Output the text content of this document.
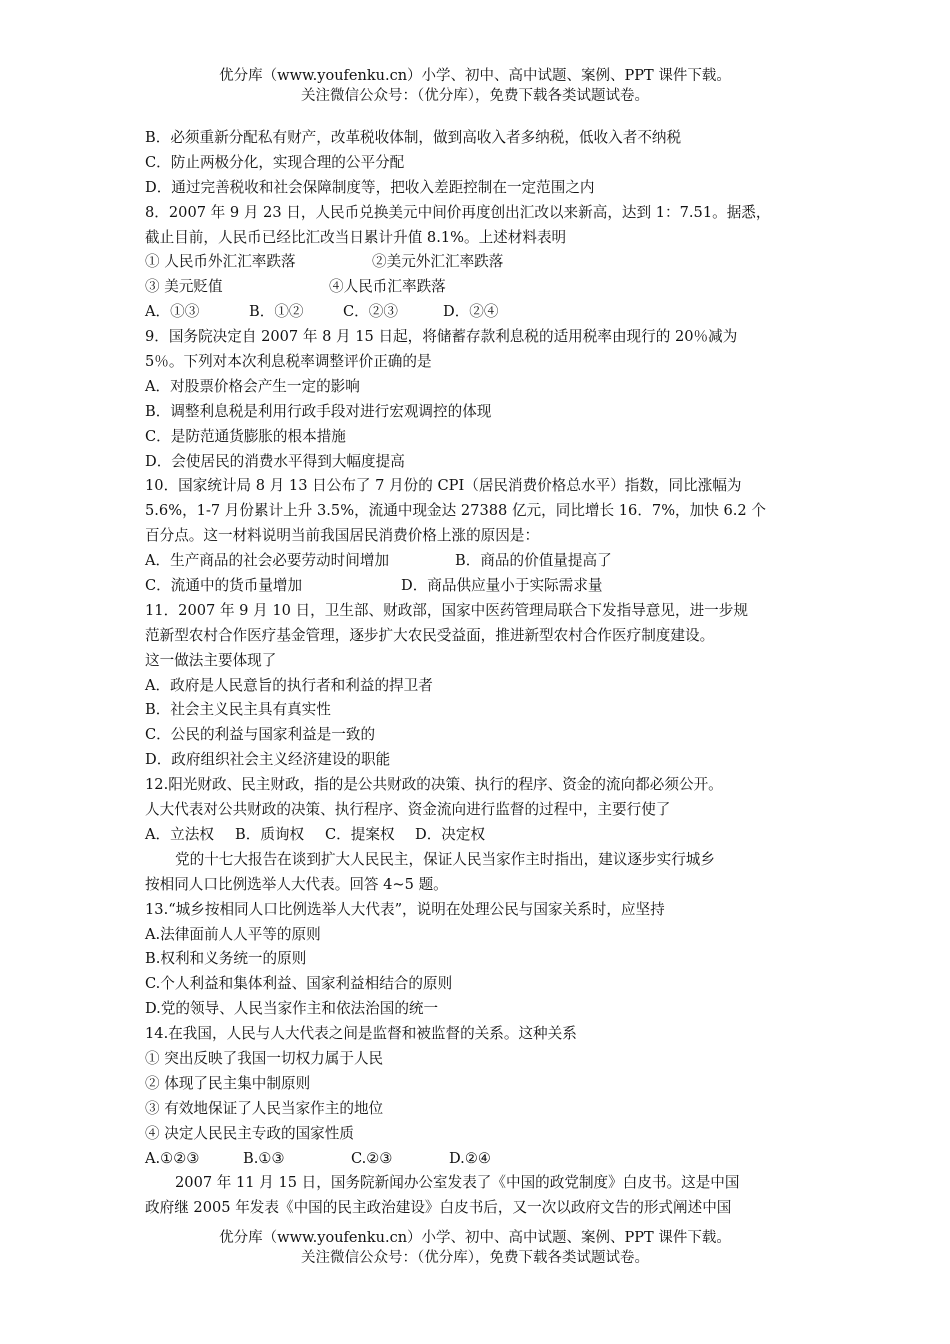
优分库（www.youfenku.cn）小学、初中、高中试题、案例、PPT 课件下载。
关注微信公众号：（优分库），免费下载各类试题试卷。
B．必须重新分配私有财产，改革税收体制，做到高收入者多纳税，低收入者不纳税
C．防止两极分化，实现合理的公平分配
D．通过完善税收和社会保障制度等，把收入差距控制在一定范围之内
8．2007 年 9 月 23 日，人民币兑换美元中间价再度创出汇改以来新高，达到 1：7.51。据悉，
截止目前，人民币已经比汇改当日累计升值 8.1%。上述材料表明
① 人民币外汇汇率跌落	②美元外汇汇率跌落
③ 美元贬值	④人民币汇率跌落
A．①③	B．①②	C．②③	D．②④
9．国务院决定自 2007 年 8 月 15 日起，将储蓄存款利息税的适用税率由现行的 20％减为
5％。下列对本次利息税率调整评价正确的是
A．对股票价格会产生一定的影响
B．调整利息税是利用行政手段对进行宏观调控的体现
C．是防范通货膨胀的根本措施
D．会使居民的消费水平得到大幅度提高
10．国家统计局 8 月 13 日公布了 7 月份的 CPI（居民消费价格总水平）指数，同比涨幅为
5.6%，1-7 月份累计上升 3.5%，流通中现金达 27388 亿元，同比增长 16．7%，加快 6.2 个
百分点。这一材料说明当前我国居民消费价格上涨的原因是：
A．生产商品的社会必要劳动时间增加	B．商品的价值量提高了
C．流通中的货币量增加	D．商品供应量小于实际需求量
11．2007 年 9 月 10 日，卫生部、财政部，国家中医药管理局联合下发指导意见，进一步规
范新型农村合作医疗基金管理，逐步扩大农民受益面，推进新型农村合作医疗制度建设。
这一做法主要体现了
A．政府是人民意旨的执行者和利益的捍卫者
B．社会主义民主具有真实性
C．公民的利益与国家利益是一致的
D．政府组织社会主义经济建设的职能
12.阳光财政、民主财政，指的是公共财政的决策、执行的程序、资金的流向都必须公开。
人大代表对公共财政的决策、执行程序、资金流向进行监督的过程中，主要行使了
A．立法权 B．质询权 C．提案权 D．决定权
党的十七大报告在谈到扩大人民民主，保证人民当家作主时指出，建议逐步实行城乡
按相同人口比例选举人大代表。回答 4~5 题。
13.“城乡按相同人口比例选举人大代表”，说明在处理公民与国家关系时，应坚持
A.法律面前人人平等的原则
B.权利和义务统一的原则
C.个人利益和集体利益、国家利益相结合的原则
D.党的领导、人民当家作主和依法治国的统一
14.在我国，人民与人大代表之间是监督和被监督的关系。这种关系
① 突出反映了我国一切权力属于人民
② 体现了民主集中制原则
③ 有效地保证了人民当家作主的地位
④ 决定人民民主专政的国家性质
A.①②③	B.①③	C.②③	D.②④
2007 年 11 月 15 日，国务院新闻办公室发表了《中国的政党制度》白皮书。这是中国
政府继 2005 年发表《中国的民主政治建设》白皮书后，又一次以政府文告的形式阐述中国
优分库（www.youfenku.cn）小学、初中、高中试题、案例、PPT 课件下载。
关注微信公众号：（优分库），免费下载各类试题试卷。
